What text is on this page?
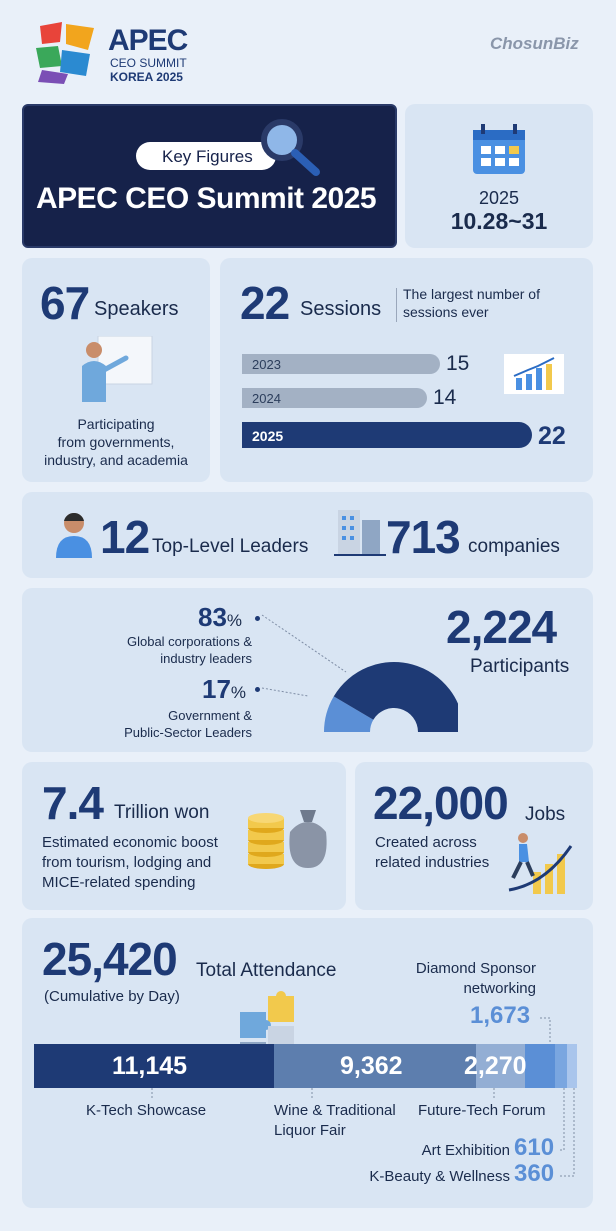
APEC
CEO SUMMIT
KOREA 2025
ChosunBiz
Key Figures
APEC CEO Summit 2025	2025
10.28~31
67 Speakers
Participating
from governments,
industry, and academia
22 Sessions
The largest number of
sessions ever
2023	15
2024	14
2025	22
12 Top-Level Leaders 713 companies
83%
Global corporations &
industry leaders
17%
Government &
Public-Sector Leaders
2,224
Participants
7.4 Trillion won
Estimated economic boost
from tourism, lodging and
MICE-related spending
22,000 Jobs
Created across
related industries
25,420 Total Attendance
(Cumulative by Day)
Diamond Sponsor
networking
1,673
11,145	9,362 2,270
K-Tech Showcase	Wine & Traditional
Liquor Fair
Future-Tech Forum
Art Exhibition 610
K-Beauty & Wellness 360
